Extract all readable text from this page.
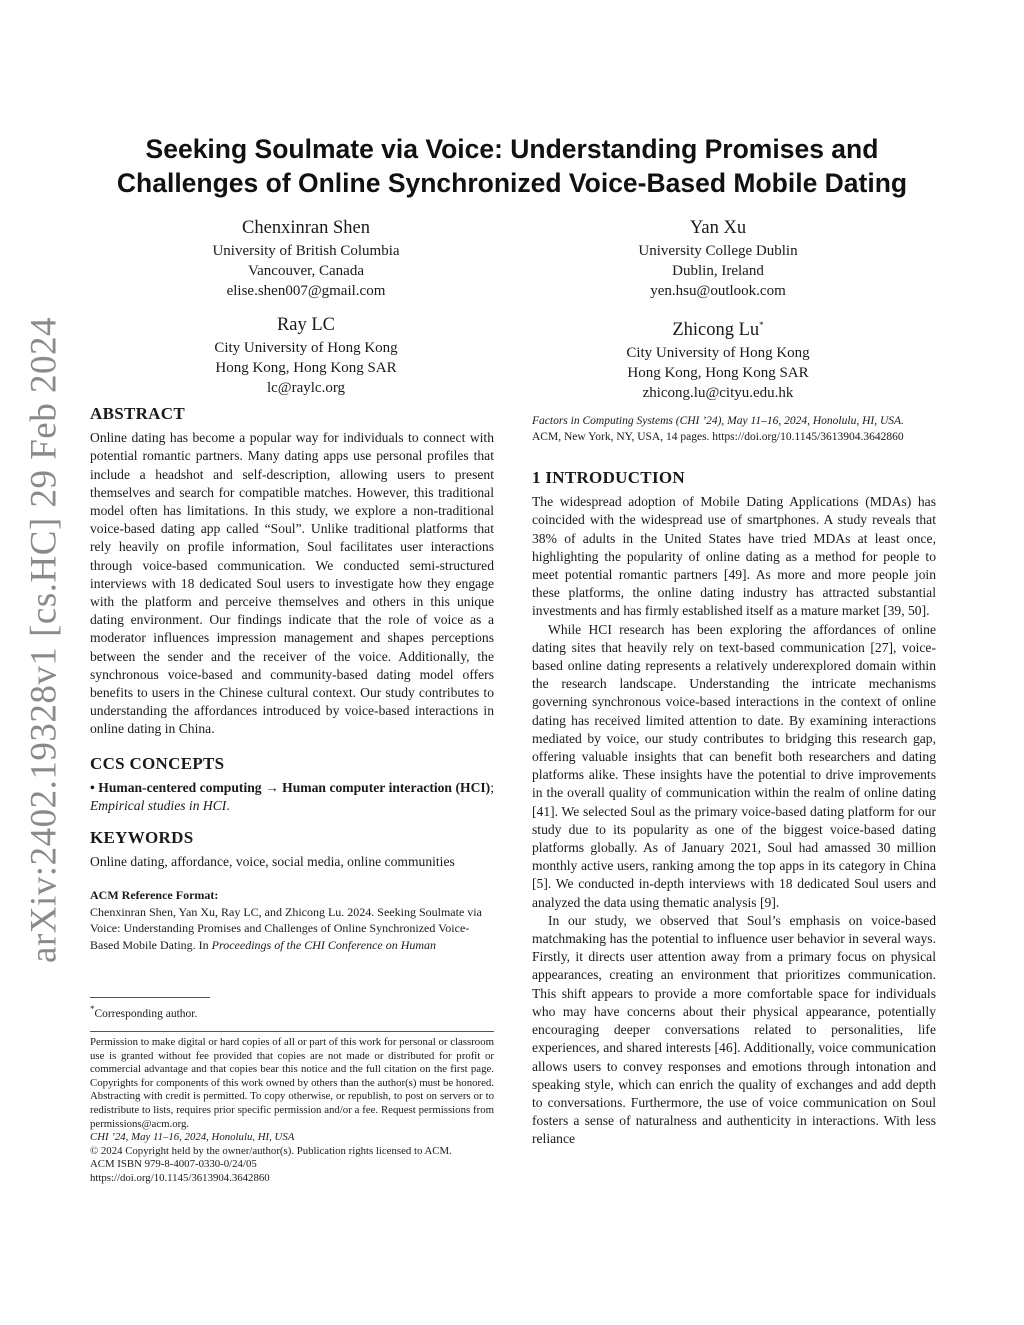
arXiv:2402.19328v1 [cs.HC] 29 Feb 2024
Seeking Soulmate via Voice: Understanding Promises and
Challenges of Online Synchronized Voice-Based Mobile Dating
Chenxinran Shen
University of British Columbia
Vancouver, Canada
elise.shen007@gmail.com
Yan Xu
University College Dublin
Dublin, Ireland
yen.hsu@outlook.com
Ray LC
City University of Hong Kong
Hong Kong, Hong Kong SAR
lc@raylc.org
Zhicong Lu*
City University of Hong Kong
Hong Kong, Hong Kong SAR
zhicong.lu@cityu.edu.hk
ABSTRACT

Online dating has become a popular way for individuals to connect with potential romantic partners. Many dating apps use personal profiles that include a headshot and self-description, allowing users to present themselves and search for compatible matches. However, this traditional model often has limitations. In this study, we explore a non-traditional voice-based dating app called “Soul”. Unlike traditional platforms that rely heavily on profile information, Soul facilitates user interactions through voice-based communication. We conducted semi-structured interviews with 18 dedicated Soul users to investigate how they engage with the platform and perceive themselves and others in this unique dating environment. Our findings indicate that the role of voice as a moderator influences impression management and shapes perceptions between the sender and the receiver of the voice. Additionally, the synchronous voice-based and community-based dating model offers benefits to users in the Chinese cultural context. Our study contributes to understanding the affordances introduced by voice-based interactions in online dating in China.

CCS CONCEPTS

• Human-centered computing → Human computer interaction (HCI); Empirical studies in HCI.

KEYWORDS

Online dating, affordance, voice, social media, online communities

ACM Reference Format:

Chenxinran Shen, Yan Xu, Ray LC, and Zhicong Lu. 2024. Seeking Soulmate via Voice: Understanding Promises and Challenges of Online Synchronized Voice-Based Mobile Dating. In Proceedings of the CHI Conference on Human

*Corresponding author.

Permission to make digital or hard copies of all or part of this work for personal or classroom use is granted without fee provided that copies are not made or distributed for profit or commercial advantage and that copies bear this notice and the full citation on the first page. Copyrights for components of this work owned by others than the author(s) must be honored. Abstracting with credit is permitted. To copy otherwise, or republish, to post on servers or to redistribute to lists, requires prior specific permission and/or a fee. Request permissions from permissions@acm.org.

CHI ’24, May 11–16, 2024, Honolulu, HI, USA
© 2024 Copyright held by the owner/author(s). Publication rights licensed to ACM.
ACM ISBN 979-8-4007-0330-0/24/05
https://doi.org/10.1145/3613904.3642860
Factors in Computing Systems (CHI ’24), May 11–16, 2024, Honolulu, HI, USA.
ACM, New York, NY, USA, 14 pages. https://doi.org/10.1145/3613904.3642860
1 INTRODUCTION

The widespread adoption of Mobile Dating Applications (MDAs) has coincided with the widespread use of smartphones. A study reveals that 38% of adults in the United States have tried MDAs at least once, highlighting the popularity of online dating as a method for people to meet potential romantic partners [49]. As more and more people join these platforms, the online dating industry has attracted substantial investments and has firmly established itself as a mature market [39, 50].

While HCI research has been exploring the affordances of online dating sites that heavily rely on text-based communication [27], voice-based online dating represents a relatively underexplored domain within the research landscape. Understanding the intricate mechanisms governing synchronous voice-based interactions in the context of online dating has received limited attention to date. By examining interactions mediated by voice, our study contributes to bridging this research gap, offering valuable insights that can benefit both researchers and dating platforms alike. These insights have the potential to drive improvements in the overall quality of communication within the realm of online dating [41]. We selected Soul as the primary voice-based dating platform for our study due to its popularity as one of the biggest voice-based dating platforms globally. As of January 2021, Soul had amassed 30 million monthly active users, ranking among the top apps in its category in China [5]. We conducted in-depth interviews with 18 dedicated Soul users and analyzed the data using thematic analysis [9].

In our study, we observed that Soul’s emphasis on voice-based matchmaking has the potential to influence user behavior in several ways. Firstly, it directs user attention away from a primary focus on physical appearances, creating an environment that prioritizes communication. This shift appears to provide a more comfortable space for individuals who may have concerns about their physical appearance, potentially encouraging deeper conversations related to personalities, life experiences, and shared interests [46]. Additionally, voice communication allows users to convey responses and emotions through intonation and speaking style, which can enrich the quality of exchanges and add depth to conversations. Furthermore, the use of voice communication on Soul fosters a sense of naturalness and authenticity in interactions. With less reliance
